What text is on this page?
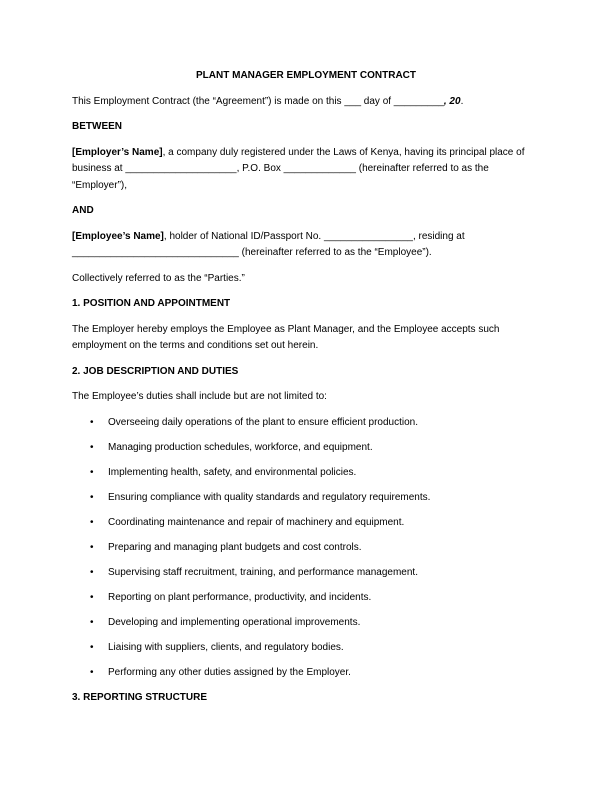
PLANT MANAGER EMPLOYMENT CONTRACT

This Employment Contract (the “Agreement”) is made on this ___ day of _________, 20.

BETWEEN

[Employer’s Name], a company duly registered under the Laws of Kenya, having its principal place of business at ____________________, P.O. Box _____________ (hereinafter referred to as the “Employer”),

AND

[Employee’s Name], holder of National ID/Passport No. ________________, residing at ______________________________ (hereinafter referred to as the “Employee”).

Collectively referred to as the “Parties.”

1. POSITION AND APPOINTMENT

The Employer hereby employs the Employee as Plant Manager, and the Employee accepts such employment on the terms and conditions set out herein.

2. JOB DESCRIPTION AND DUTIES

The Employee’s duties shall include but are not limited to:

• Overseeing daily operations of the plant to ensure efficient production.
• Managing production schedules, workforce, and equipment.
• Implementing health, safety, and environmental policies.
• Ensuring compliance with quality standards and regulatory requirements.
• Coordinating maintenance and repair of machinery and equipment.
• Preparing and managing plant budgets and cost controls.
• Supervising staff recruitment, training, and performance management.
• Reporting on plant performance, productivity, and incidents.
• Developing and implementing operational improvements.
• Liaising with suppliers, clients, and regulatory bodies.
• Performing any other duties assigned by the Employer.
3. REPORTING STRUCTURE
